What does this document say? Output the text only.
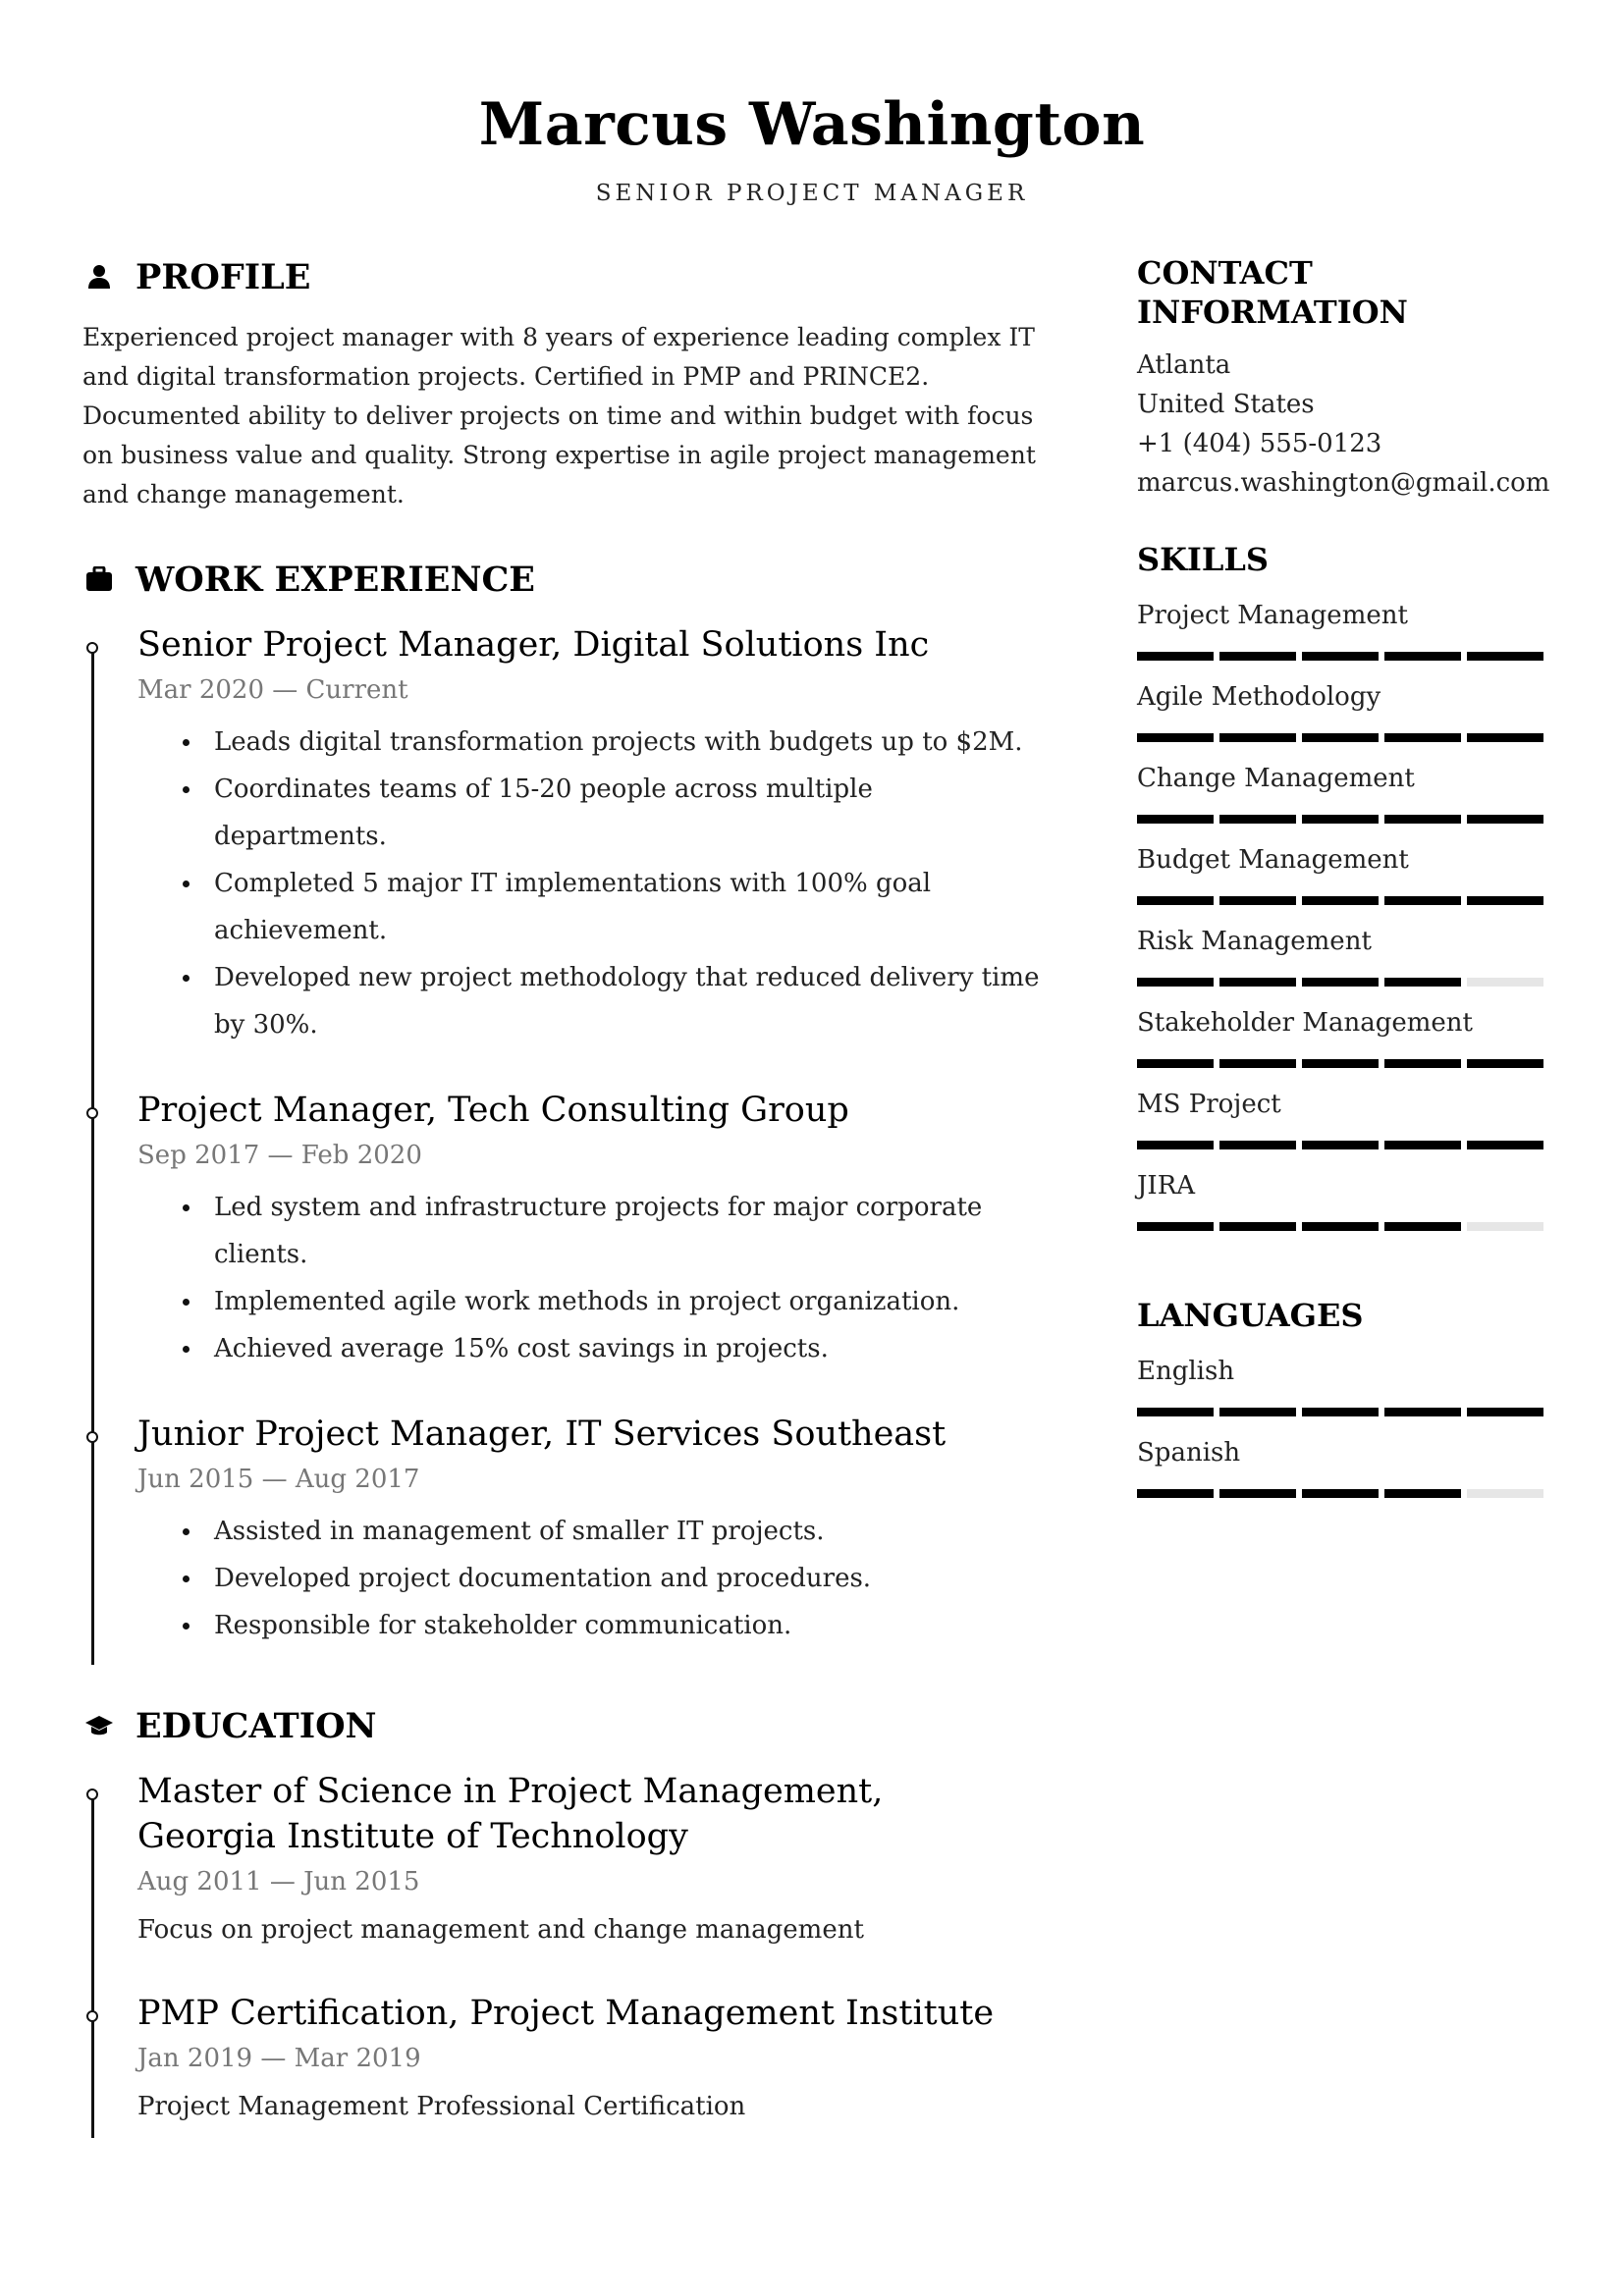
Marcus Washington
SENIOR PROJECT MANAGER
PROFILE
Experienced project manager with 8 years of experience leading complex IT and digital transformation projects. Certified in PMP and PRINCE2. Documented ability to deliver projects on time and within budget with focus on business value and quality. Strong expertise in agile project management and change management.
WORK EXPERIENCE
Senior Project Manager, Digital Solutions Inc
Mar 2020 — Current
Leads digital transformation projects with budgets up to $2M.
Coordinates teams of 15-20 people across multiple departments.
Completed 5 major IT implementations with 100% goal achievement.
Developed new project methodology that reduced delivery time by 30%.
Project Manager, Tech Consulting Group
Sep 2017 — Feb 2020
Led system and infrastructure projects for major corporate clients.
Implemented agile work methods in project organization.
Achieved average 15% cost savings in projects.
Junior Project Manager, IT Services Southeast
Jun 2015 — Aug 2017
Assisted in management of smaller IT projects.
Developed project documentation and procedures.
Responsible for stakeholder communication.
EDUCATION
Master of Science in Project Management, Georgia Institute of Technology
Aug 2011 — Jun 2015
Focus on project management and change management
PMP Certification, Project Management Institute
Jan 2019 — Mar 2019
Project Management Professional Certification
CONTACT INFORMATION
Atlanta
United States
+1 (404) 555-0123
marcus.washington@gmail.com
SKILLS
Project Management
Agile Methodology
Change Management
Budget Management
Risk Management
Stakeholder Management
MS Project
JIRA
LANGUAGES
English
Spanish
